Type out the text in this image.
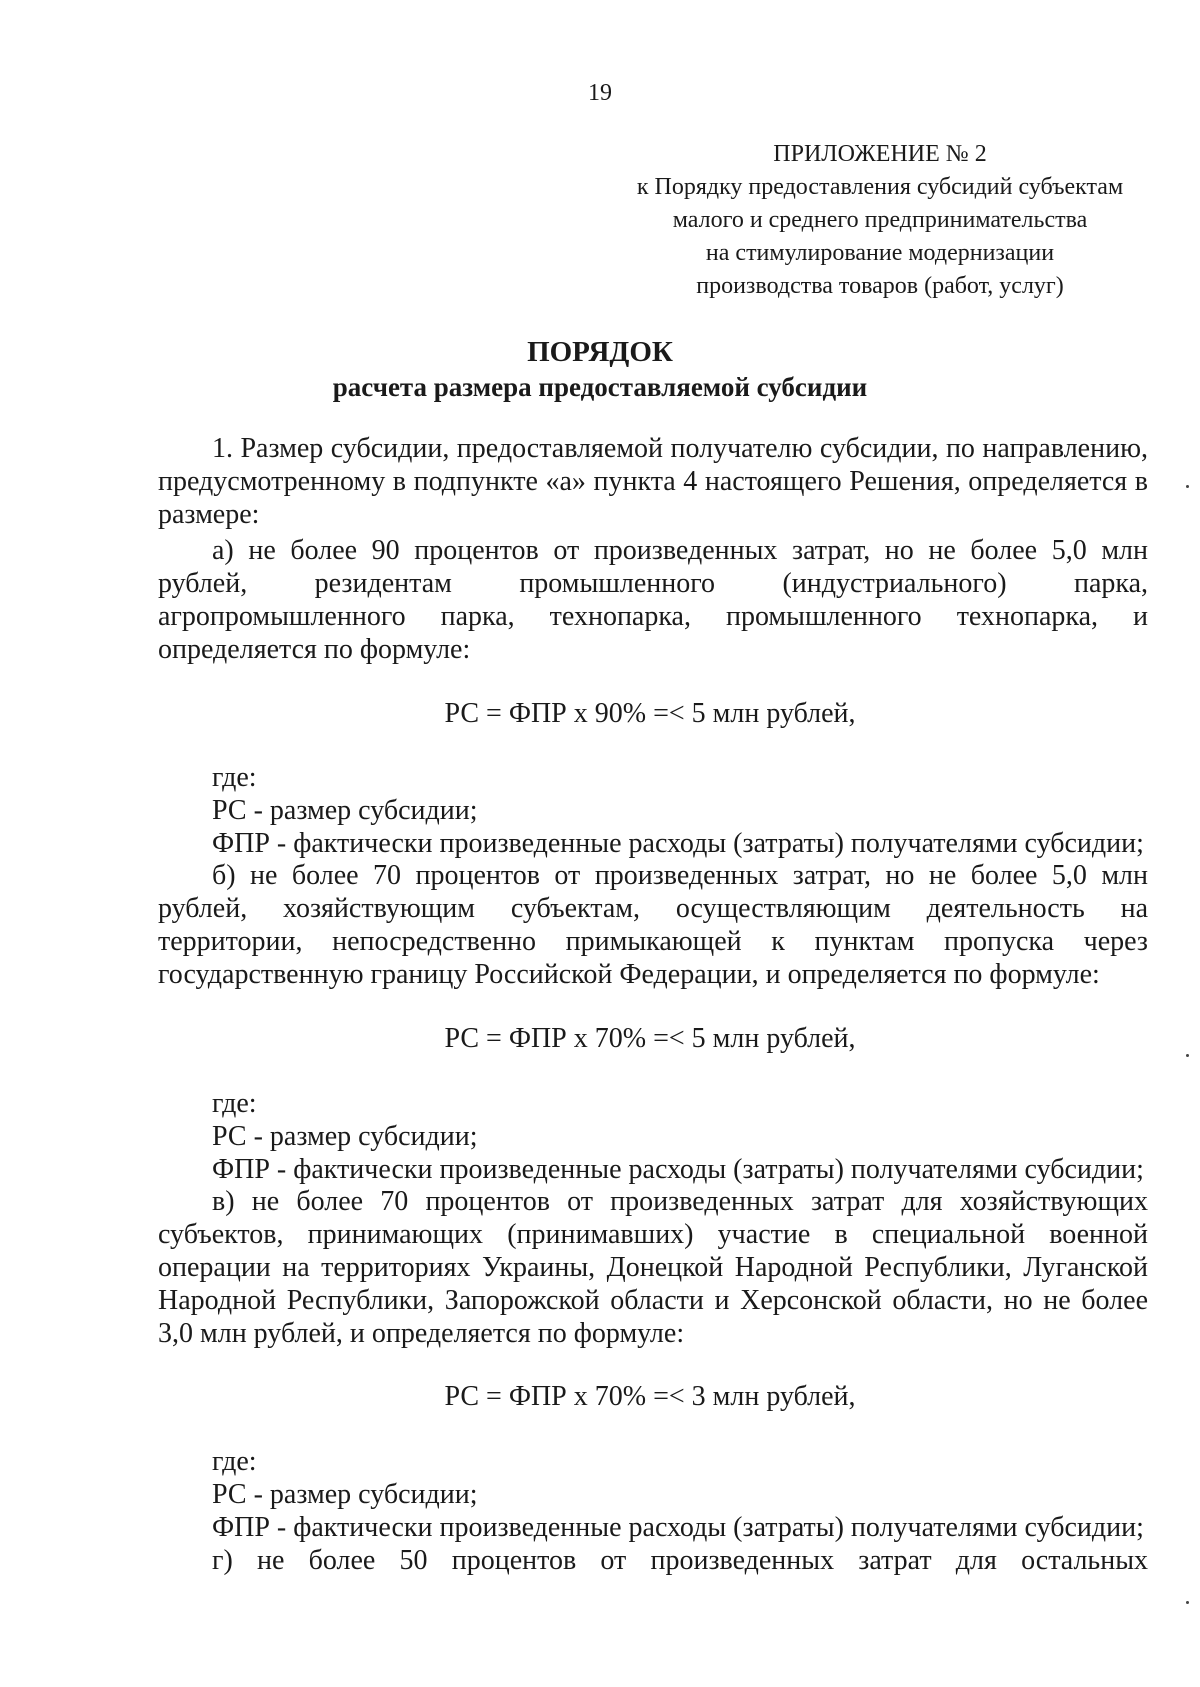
19
ПРИЛОЖЕНИЕ № 2
к Порядку предоставления субсидий субъектам
малого и среднего предпринимательства
на стимулирование модернизации
производства товаров (работ, услуг)
ПОРЯДОК
расчета размера предоставляемой субсидии
1. Размер субсидии, предоставляемой получателю субсидии, по направлению,
предусмотренному в подпункте «а» пункта 4 настоящего Решения, определяется в
размере:
а) не более 90 процентов от произведенных затрат, но не более 5,0 млн
рублей, резидентам промышленного (индустриального) парка,
агропромышленного парка, технопарка, промышленного технопарка, и
определяется по формуле:
РС = ФПР х 90% =< 5 млн рублей,
где:
РС - размер субсидии;
ФПР - фактически произведенные расходы (затраты) получателями субсидии;
б) не более 70 процентов от произведенных затрат, но не более 5,0 млн
рублей, хозяйствующим субъектам, осуществляющим деятельность на
территории, непосредственно примыкающей к пунктам пропуска через
государственную границу Российской Федерации, и определяется по формуле:
РС = ФПР х 70% =< 5 млн рублей,
где:
РС - размер субсидии;
ФПР - фактически произведенные расходы (затраты) получателями субсидии;
в) не более 70 процентов от произведенных затрат для хозяйствующих
субъектов, принимающих (принимавших) участие в специальной военной
операции на территориях Украины, Донецкой Народной Республики, Луганской
Народной Республики, Запорожской области и Херсонской области, но не более
3,0 млн рублей, и определяется по формуле:
РС = ФПР х 70% =< 3 млн рублей,
где:
РС - размер субсидии;
ФПР - фактически произведенные расходы (затраты) получателями субсидии;
г) не более 50 процентов от произведенных затрат для остальных
